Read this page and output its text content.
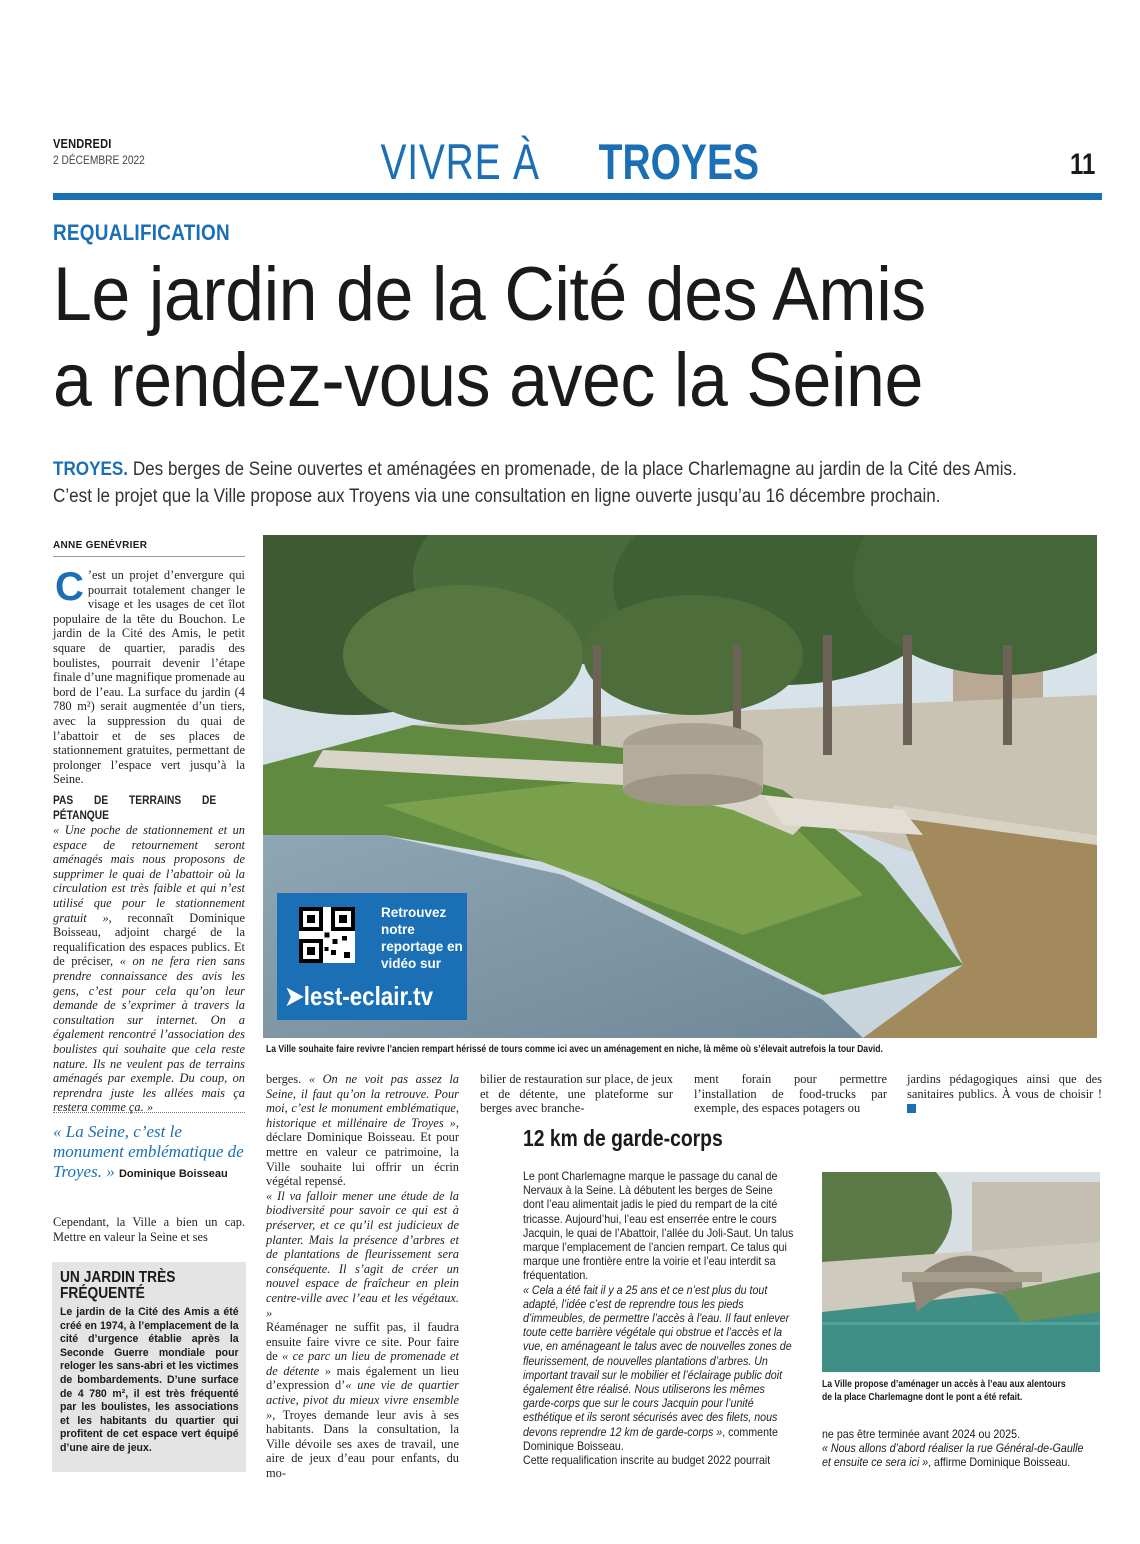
VENDREDI
2 DÉCEMBRE 2022	VIVRE À TROYES	11
REQUALIFICATION
Le jardin de la Cité des Amis
a rendez-vous avec la Seine
TROYES. Des berges de Seine ouvertes et aménagées en promenade, de la place Charlemagne au jardin de la Cité des Amis. C’est le projet que la Ville propose aux Troyens via une consultation en ligne ouverte jusqu’au 16 décembre prochain.
ANNE GENÉVRIER
C ’est un projet d’envergure qui pourrait totalement changer le visage et les usages de cet îlot populaire de la tête du Bouchon. Le jardin de la Cité des Amis, le petit square de quartier, paradis des boulistes, pourrait devenir l’étape finale d’une magnifique promenade au bord de l’eau. La surface du jardin (4 780 m²) serait augmentée d’un tiers, avec la suppression du quai de l’abattoir et de ses places de stationnement gratuites, permettant de prolonger l’espace vert jusqu’à la Seine.
PAS DE TERRAINS DE PÉTANQUE
« Une poche de stationnement et un espace de retournement seront aménagés mais nous proposons de supprimer le quai de l’abattoir où la circulation est très faible et qui n’est utilisé que pour le stationnement gratuit », reconnaît Dominique Boisseau, adjoint chargé de la requalification des espaces publics. Et de préciser, « on ne fera rien sans prendre connaissance des avis les gens, c’est pour cela qu’on leur demande de s’exprimer à travers la consultation sur internet. On a également rencontré l’association des boulistes qui souhaite que cela reste nature. Ils ne veulent pas de terrains aménagés par exemple. Du coup, on reprendra juste les allées mais ça restera comme ça. »
« La Seine, c’est le monument emblématique de Troyes. » Dominique Boisseau
Cependant, la Ville a bien un cap. Mettre en valeur la Seine et ses
UN JARDIN TRÈS FRÉQUENTÉ
Le jardin de la Cité des Amis a été créé en 1974, à l’emplacement de la cité d’urgence établie après la Seconde Guerre mondiale pour reloger les sans-abri et les victimes de bombardements. D’une surface de 4 780 m², il est très fréquenté par les boulistes, les associations et les habitants du quartier qui profitent de cet espace vert équipé d’une aire de jeux.
Retrouvez notre reportage en vidéo sur
➤lest-eclair.tv
La Ville souhaite faire revivre l’ancien rempart hérissé de tours comme ici avec un aménagement en niche, là même où s’élevait autrefois la tour David.
berges. « On ne voit pas assez la Seine, il faut qu’on la retrouve. Pour moi, c’est le monument emblématique, historique et millénaire de Troyes », déclare Dominique Boisseau. Et pour mettre en valeur ce patrimoine, la Ville souhaite lui offrir un écrin végétal repensé.
« Il va falloir mener une étude de la biodiversité pour savoir ce qui est à préserver, et ce qu’il est judicieux de planter. Mais la présence d’arbres et de plantations de fleurissement sera conséquente. Il s’agit de créer un nouvel espace de fraîcheur en plein centre-ville avec l’eau et les végétaux. »
Réaménager ne suffit pas, il faudra ensuite faire vivre ce site. Pour faire de « ce parc un lieu de promenade et de détente » mais également un lieu d’expression d’« une vie de quartier active, pivot du mieux vivre ensemble », Troyes demande leur avis à ses habitants. Dans la consultation, la Ville dévoile ses axes de travail, une aire de jeux d’eau pour enfants, du mo-
bilier de restauration sur place, de jeux et de détente, une plateforme sur berges avec branche-
ment forain pour permettre l’installation de food-trucks par exemple, des espaces potagers ou
jardins pédagogiques ainsi que des sanitaires publics. À vous de choisir !
12 km de garde-corps
Le pont Charlemagne marque le passage du canal de Nervaux à la Seine. Là débutent les berges de Seine dont l’eau alimentait jadis le pied du rempart de la cité tricasse. Aujourd’hui, l’eau est enserrée entre le cours Jacquin, le quai de l’Abattoir, l’allée du Joli-Saut. Un talus marque l’emplacement de l’ancien rempart. Ce talus qui marque une frontière entre la voirie et l’eau interdit sa fréquentation.
« Cela a été fait il y a 25 ans et ce n’est plus du tout adapté, l’idée c’est de reprendre tous les pieds d’immeubles, de permettre l’accès à l’eau. Il faut enlever toute cette barrière végétale qui obstrue et l’accès et la vue, en aménageant le talus avec de nouvelles zones de fleurissement, de nouvelles plantations d’arbres. Un important travail sur le mobilier et l’éclairage public doit également être réalisé. Nous utiliserons les mêmes garde-corps que sur le cours Jacquin pour l’unité esthétique et ils seront sécurisés avec des filets, nous devons reprendre 12 km de garde-corps », commente Dominique Boisseau.
Cette requalification inscrite au budget 2022 pourrait
La Ville propose d’aménager un accès à l’eau aux alentours de la place Charlemagne dont le pont a été refait.
ne pas être terminée avant 2024 ou 2025.
« Nous allons d’abord réaliser la rue Général-de-Gaulle et ensuite ce sera ici », affirme Dominique Boisseau.
